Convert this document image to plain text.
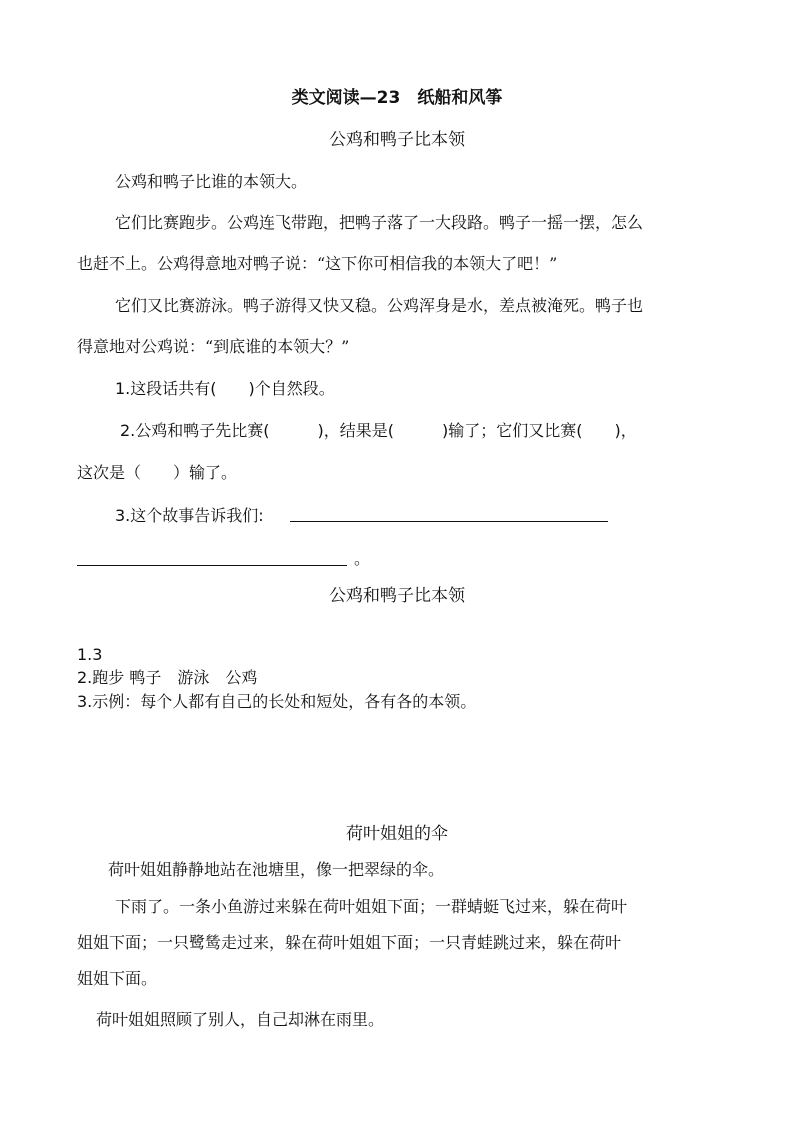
类文阅读—23　纸船和风筝
公鸡和鸭子比本领
公鸡和鸭子比谁的本领大。
它们比赛跑步。公鸡连飞带跑，把鸭子落了一大段路。鸭子一摇一摆，怎么
也赶不上。公鸡得意地对鸭子说：“这下你可相信我的本领大了吧！”
它们又比赛游泳。鸭子游得又快又稳。公鸡浑身是水，差点被淹死。鸭子也
得意地对公鸡说：“到底谁的本领大？”
1.这段话共有(　　)个自然段。
2.公鸡和鸭子先比赛(　　　)，结果是(　　　)输了；它们又比赛(　　)，
这次是（　　）输了。
3.这个故事告诉我们:
。
公鸡和鸭子比本领
1.3
2.跑步 鸭子　游泳　公鸡
3.示例：每个人都有自己的长处和短处，各有各的本领。
荷叶姐姐的伞
荷叶姐姐静静地站在池塘里，像一把翠绿的伞。
下雨了。一条小鱼游过来躲在荷叶姐姐下面；一群蜻蜓飞过来，躲在荷叶
姐姐下面；一只鹭鸶走过来，躲在荷叶姐姐下面；一只青蛙跳过来，躲在荷叶
姐姐下面。
荷叶姐姐照顾了别人，自己却淋在雨里。
